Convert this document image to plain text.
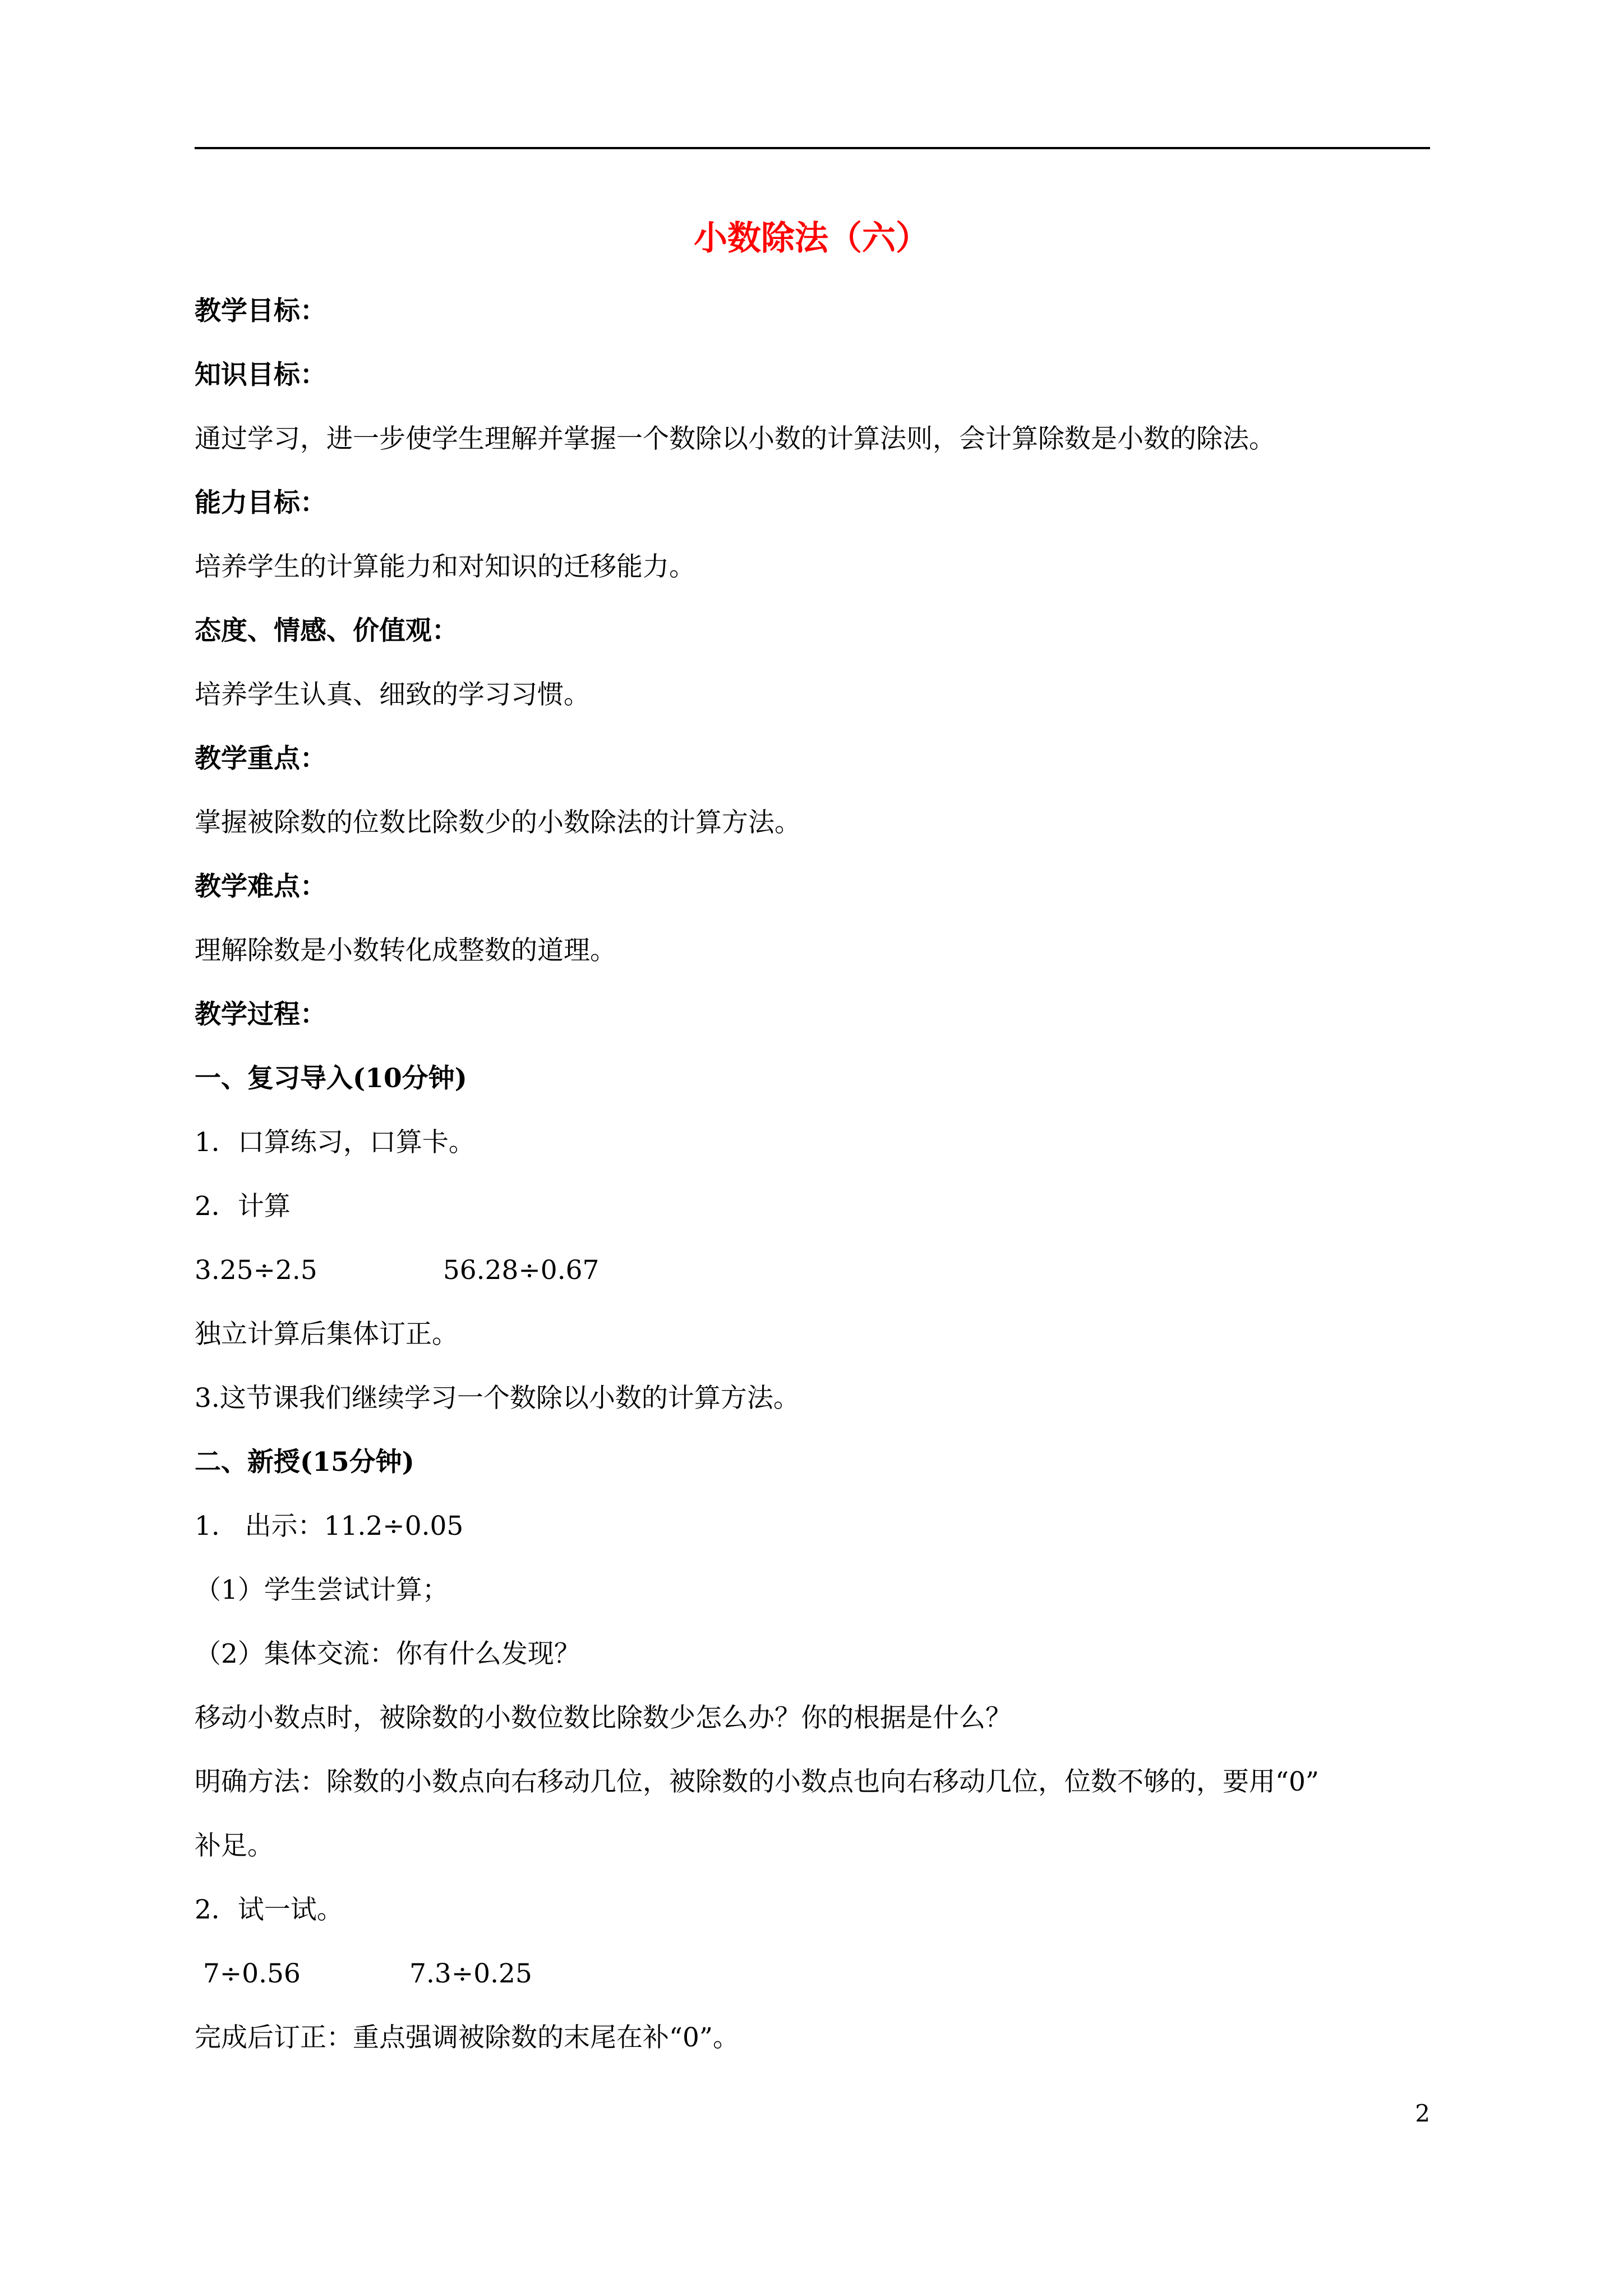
小数除法（六）
教学目标：
知识目标：
通过学习，进一步使学生理解并掌握一个数除以小数的计算法则，会计算除数是小数的除法。
能力目标：
培养学生的计算能力和对知识的迁移能力。
态度、情感、价值观：
培养学生认真、细致的学习习惯。
教学重点：
掌握被除数的位数比除数少的小数除法的计算方法。
教学难点：
理解除数是小数转化成整数的道理。
教学过程：
一、复习导入(10分钟)
1．口算练习，口算卡。
2．计算
3.25÷2.5               56.28÷0.67
独立计算后集体订正。
3.这节课我们继续学习一个数除以小数的计算方法。
二、新授(15分钟)
1.   出示：11.2÷0.05
（1）学生尝试计算；
（2）集体交流：你有什么发现？
移动小数点时，被除数的小数位数比除数少怎么办？你的根据是什么？
明确方法：除数的小数点向右移动几位，被除数的小数点也向右移动几位，位数不够的，要用“0”
补足。
2．试一试。
7÷0.56             7.3÷0.25
完成后订正：重点强调被除数的末尾在补“0”。
2
